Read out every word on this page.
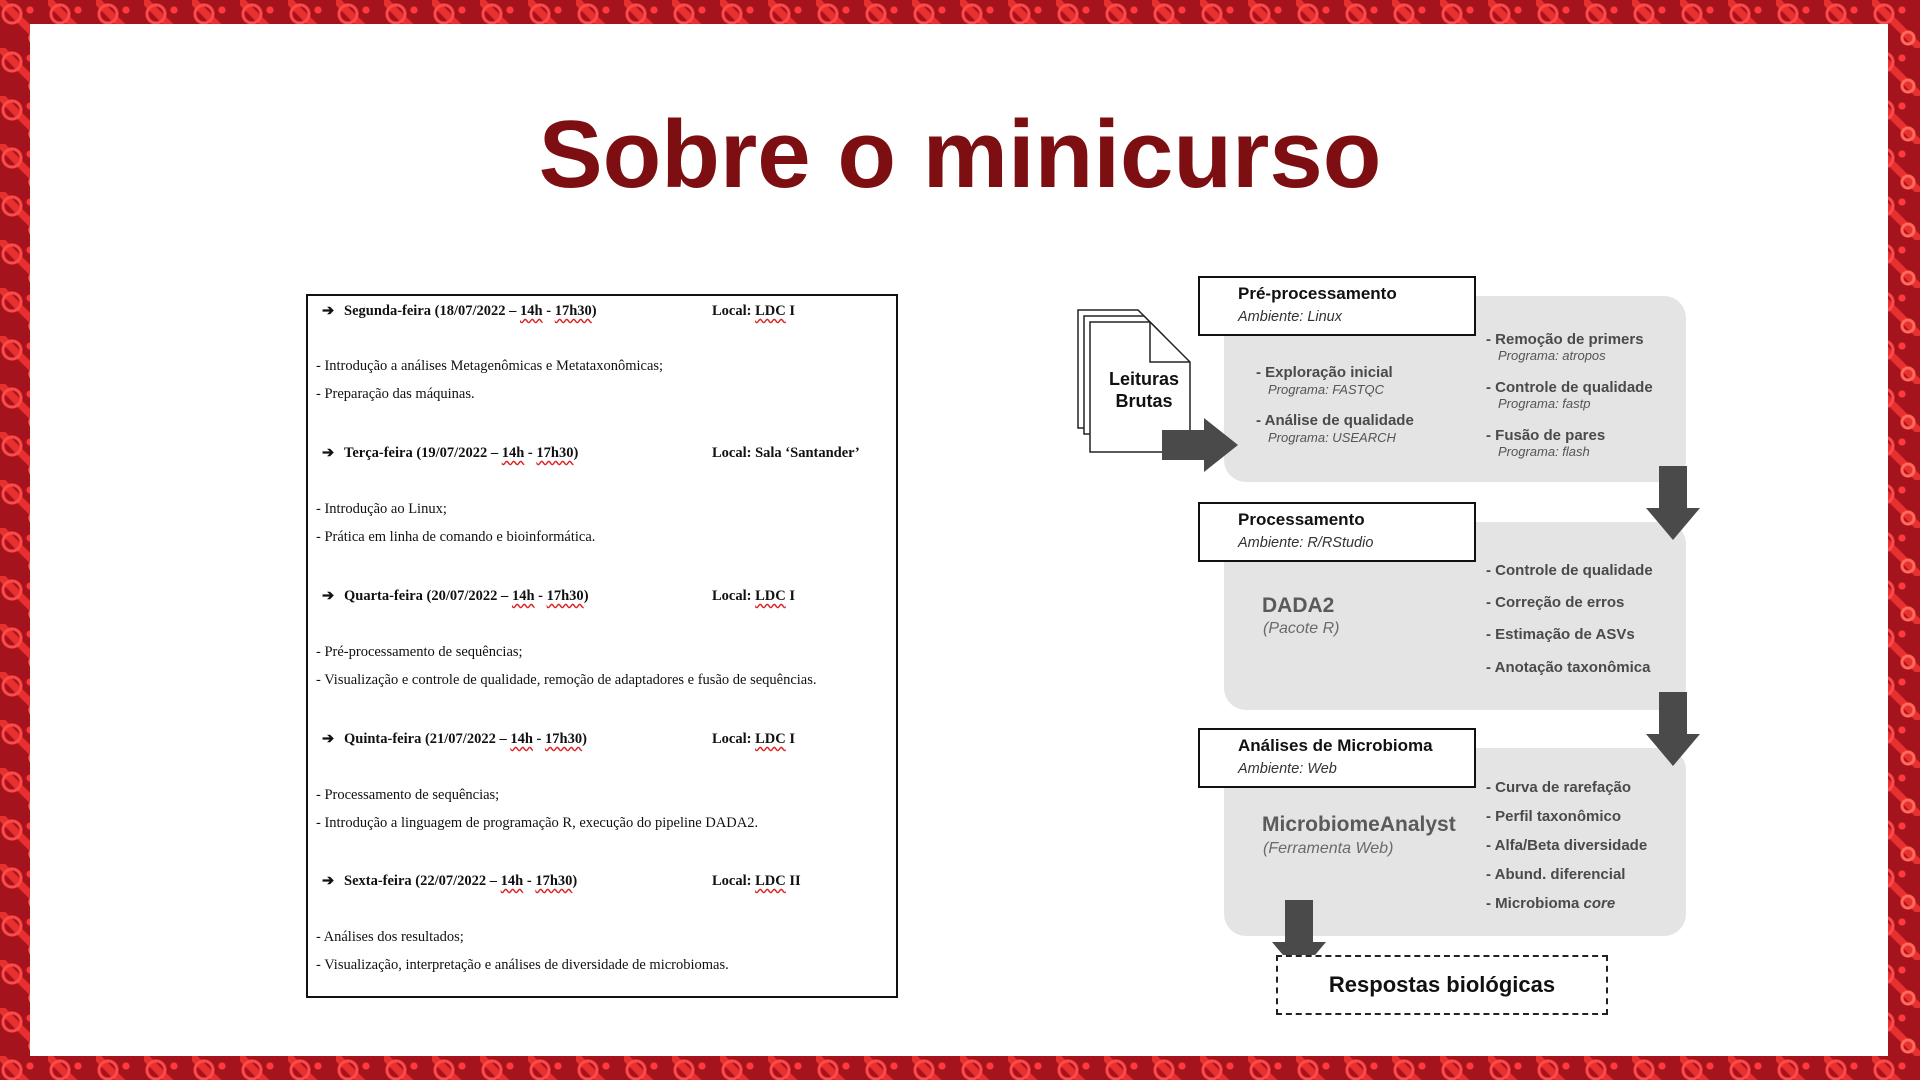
Sobre o minicurso
➔ Segunda-feira (18/07/2022 – 14h - 17h30)	Local: LDC I
- Introdução a análises Metagenômicas e Metataxonômicas;
- Preparação das máquinas.
➔ Terça-feira (19/07/2022 – 14h - 17h30)	Local: Sala ‘Santander’
- Introdução ao Linux;
- Prática em linha de comando e bioinformática.
➔ Quarta-feira (20/07/2022 – 14h - 17h30)	Local: LDC I
- Pré-processamento de sequências;
- Visualização e controle de qualidade, remoção de adaptadores e fusão de sequências.
➔ Quinta-feira (21/07/2022 – 14h - 17h30)	Local: LDC I
- Processamento de sequências;
- Introdução a linguagem de programação R, execução do pipeline DADA2.
➔ Sexta-feira (22/07/2022 – 14h - 17h30)	Local: LDC II
- Análises dos resultados;
- Visualização, interpretação e análises de diversidade de microbiomas.
Leituras
Brutas
Pré-processamento
Ambiente: Linux
- Exploração inicial
Programa: FASTQC
- Análise de qualidade
Programa: USEARCH
- Remoção de primers
Programa: atropos
- Controle de qualidade
Programa: fastp
- Fusão de pares
Programa: flash
Processamento
Ambiente: R/RStudio
DADA2
(Pacote R)
- Controle de qualidade
- Correção de erros
- Estimação de ASVs
- Anotação taxonômica
Análises de Microbioma
Ambiente: Web
MicrobiomeAnalyst
(Ferramenta Web)
- Curva de rarefação
- Perfil taxonômico
- Alfa/Beta diversidade
- Abund. diferencial
- Microbioma core
Respostas biológicas
